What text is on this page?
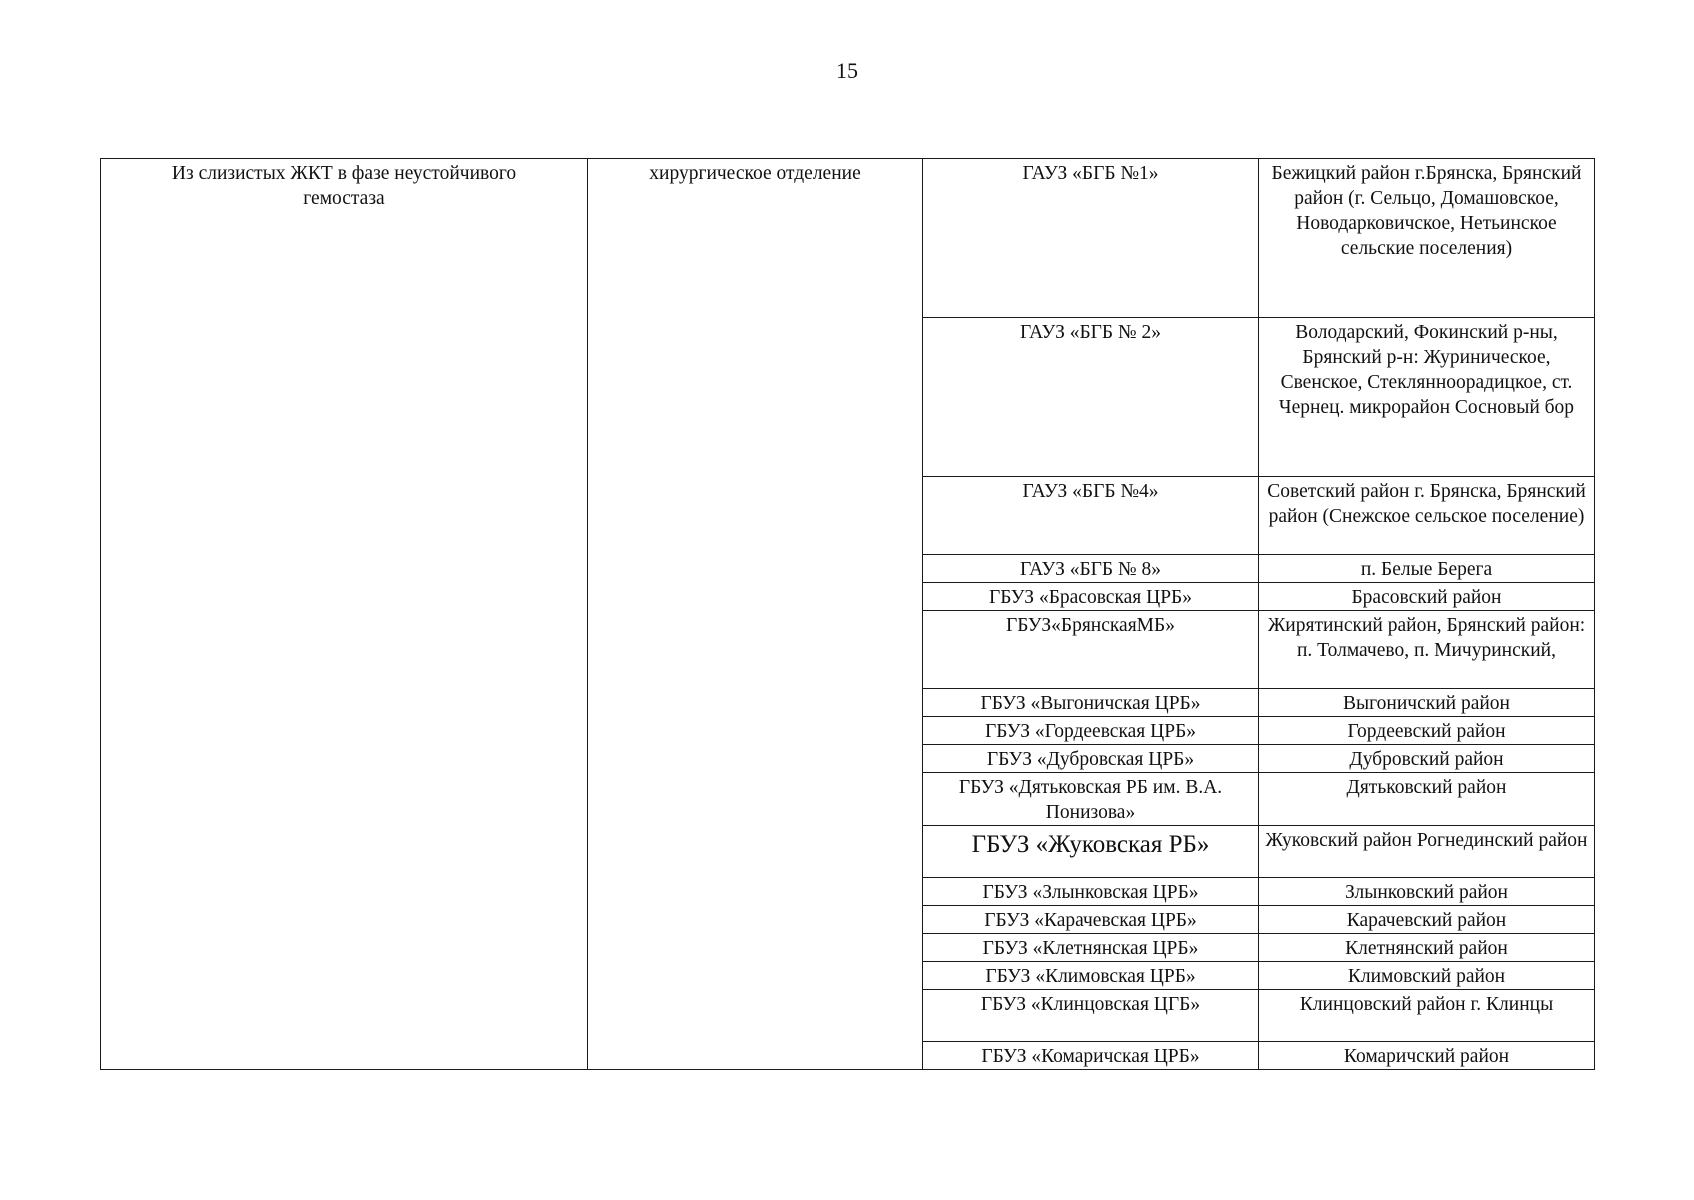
15
Из слизистых ЖКТ в фазе неустойчивого гемостаза	хирургическое отделение	ГАУЗ «БГБ №1»	Бежицкий район г.Брянска, Брянский район (г. Сельцо, Домашовское, Новодарковичское, Нетьинское сельские поселения)
		ГАУЗ «БГБ № 2»	Володарский, Фокинский р-ны, Брянский р-н: Журиническое, Свенское, Стеклянноорадицкое, ст. Чернец. микрорайон Сосновый бор
		ГАУЗ «БГБ №4»	Советский район г. Брянска, Брянский район (Снежское сельское поселение)
		ГАУЗ «БГБ № 8»	п. Белые Берега
		ГБУЗ «Брасовская ЦРБ»	Брасовский район
		ГБУЗ«БрянскаяМБ»	Жирятинский район, Брянский район: п. Толмачево, п. Мичуринский,
		ГБУЗ «Выгоничская ЦРБ»	Выгоничский район
		ГБУЗ «Гордеевская ЦРБ»	Гордеевский район
		ГБУЗ «Дубровская ЦРБ»	Дубровский район
		ГБУЗ «Дятьковская РБ им. В.А. Понизова»	Дятьковский район
		ГБУЗ «Жуковская РБ»	Жуковский район Рогнединский район
		ГБУЗ «Злынковская ЦРБ»	Злынковский район
		ГБУЗ «Карачевская ЦРБ»	Карачевский район
		ГБУЗ «Клетнянская ЦРБ»	Клетнянский район
		ГБУЗ «Климовская ЦРБ»	Климовский район
		ГБУЗ «Клинцовская ЦГБ»	Клинцовский район г. Клинцы
		ГБУЗ «Комаричская ЦРБ»	Комаричский район
